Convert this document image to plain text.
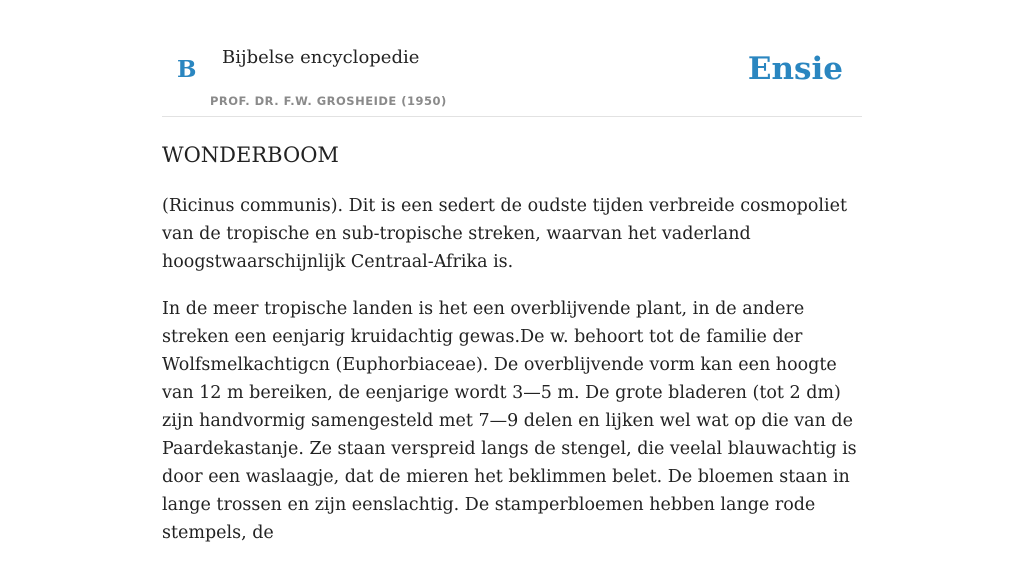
B Bijbelse encyclopedie
PROF. DR. F.W. GROSHEIDE (1950)
Ensie
WONDERBOOM

(Ricinus communis). Dit is een sedert de oudste tijden verbreide cosmopoliet van de tropische en sub-tropische streken, waarvan het vaderland hoogstwaarschijnlijk Centraal-Afrika is.

In de meer tropische landen is het een overblijvende plant, in de andere streken een eenjarig kruidachtig gewas.De w. behoort tot de familie der Wolfsmelkachtigcn (Euphorbiaceae). De overblijvende vorm kan een hoogte van 12 m bereiken, de eenjarige wordt 3—5 m. De grote bladeren (tot 2 dm) zijn handvormig samengesteld met 7—9 delen en lijken wel wat op die van de Paardekastanje. Ze staan verspreid langs de stengel, die veelal blauwachtig is door een waslaagje, dat de mieren het beklimmen belet. De bloemen staan in lange trossen en zijn eenslachtig. De stamperbloemen hebben lange rode stempels, de
